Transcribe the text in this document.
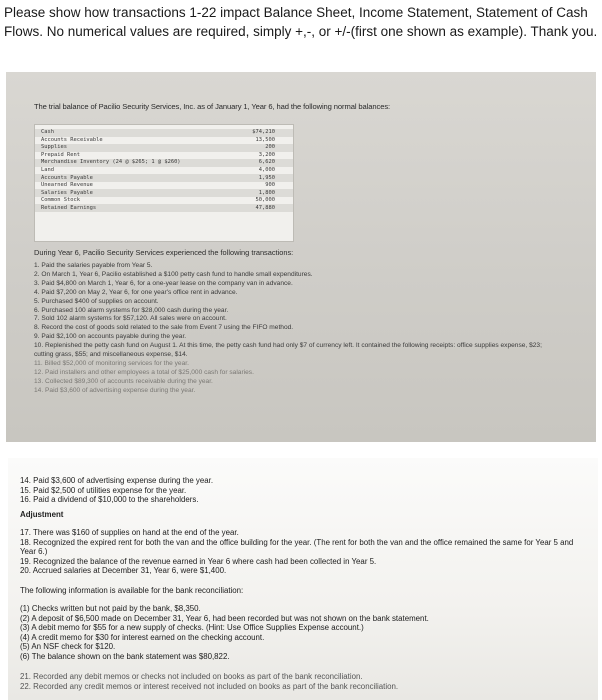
Please show how transactions 1-22 impact Balance Sheet, Income Statement, Statement of Cash Flows. No numerical values are required, simply +,-, or +/-(first one shown as example). Thank you.
The trial balance of Pacilio Security Services, Inc. as of January 1, Year 6, had the following normal balances:
Cash
Accounts Receivable
Supplies
Prepaid Rent
Merchandise Inventory (24 @ $265; 1 @ $260)
Land
Accounts Payable
Unearned Revenue
Salaries Payable
Common Stock
Retained Earnings
$74,210
13,500
200
3,200
6,620
4,000
1,950
900
1,800
50,000
47,880
During Year 6, Pacilio Security Services experienced the following transactions:
1. Paid the salaries payable from Year 5.
2. On March 1, Year 6, Pacilio established a $100 petty cash fund to handle small expenditures.
3. Paid $4,800 on March 1, Year 6, for a one-year lease on the company van in advance.
4. Paid $7,200 on May 2, Year 6, for one year's office rent in advance.
5. Purchased $400 of supplies on account.
6. Purchased 100 alarm systems for $28,000 cash during the year.
7. Sold 102 alarm systems for $57,120. All sales were on account.
8. Record the cost of goods sold related to the sale from Event 7 using the FIFO method.
9. Paid $2,100 on accounts payable during the year.
10. Replenished the petty cash fund on August 1. At this time, the petty cash fund had only $7 of currency left. It contained the following receipts: office supplies expense, $23; cutting grass, $55; and miscellaneous expense, $14.
11. Billed $52,000 of monitoring services for the year.
12. Paid installers and other employees a total of $25,000 cash for salaries.
13. Collected $89,300 of accounts receivable during the year.
14. Paid $3,600 of advertising expense during the year.
14. Paid $3,600 of advertising expense during the year.
15. Paid $2,500 of utilities expense for the year.
16. Paid a dividend of $10,000 to the shareholders.
Adjustment
17. There was $160 of supplies on hand at the end of the year.
18. Recognized the expired rent for both the van and the office building for the year. (The rent for both the van and the office remained the same for Year 5 and Year 6.)
19. Recognized the balance of the revenue earned in Year 6 where cash had been collected in Year 5.
20. Accrued salaries at December 31, Year 6, were $1,400.
The following information is available for the bank reconciliation:
(1) Checks written but not paid by the bank, $8,350.
(2) A deposit of $6,500 made on December 31, Year 6, had been recorded but was not shown on the bank statement.
(3) A debit memo for $55 for a new supply of checks. (Hint: Use Office Supplies Expense account.)
(4) A credit memo for $30 for interest earned on the checking account.
(5) An NSF check for $120.
(6) The balance shown on the bank statement was $80,822.
21. Recorded any debit memos or checks not included on books as part of the bank reconciliation.
22. Recorded any credit memos or interest received not included on books as part of the bank reconciliation.
